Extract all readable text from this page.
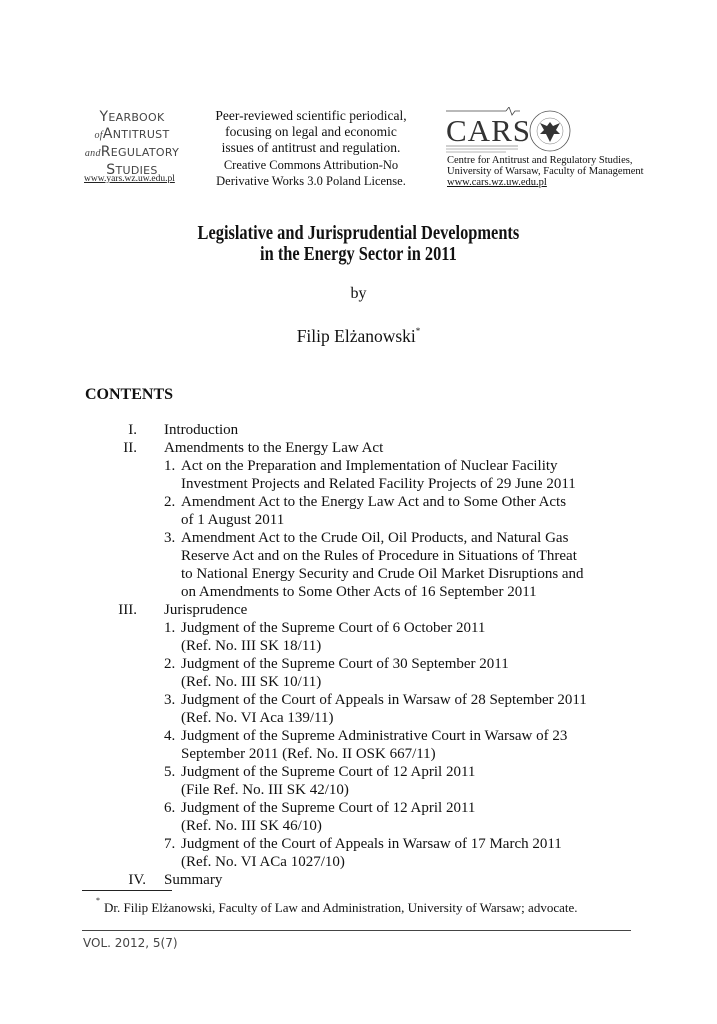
YEARBOOK
ofANTITRUST
andREGULATORY
STUDIES
Peer-reviewed scientific periodical,
focusing on legal and economic
issues of antitrust and regulation.
Creative Commons Attribution-No
Derivative Works 3.0 Poland License.
CARS
Centre for Antitrust and Regulatory Studies,
University of Warsaw, Faculty of Management
www.cars.wz.uw.edu.pl
Legislative and Jurisprudential Developments
in the Energy Sector in 2011
by
Filip Elżanowski*
CONTENTS
I. Introduction
II. Amendments to the Energy Law Act
1. Act on the Preparation and Implementation of Nuclear Facility
Investment Projects and Related Facility Projects of 29 June 2011
2. Amendment Act to the Energy Law Act and to Some Other Acts
of 1 August 2011
3. Amendment Act to the Crude Oil, Oil Products, and Natural Gas
Reserve Act and on the Rules of Procedure in Situations of Threat
to National Energy Security and Crude Oil Market Disruptions and
on Amendments to Some Other Acts of 16 September 2011
III. Jurisprudence
1. Judgment of the Supreme Court of 6 October 2011
(Ref. No. III SK 18/11)
2. Judgment of the Supreme Court of 30 September 2011
(Ref. No. III SK 10/11)
3. Judgment of the Court of Appeals in Warsaw of 28 September 2011
(Ref. No. VI Aca 139/11)
4. Judgment of the Supreme Administrative Court in Warsaw of 23
September 2011 (Ref. No. II OSK 667/11)
5. Judgment of the Supreme Court of 12 April 2011
(File Ref. No. III SK 42/10)
6. Judgment of the Supreme Court of 12 April 2011
(Ref. No. III SK 46/10)
7. Judgment of the Court of Appeals in Warsaw of 17 March 2011
(Ref. No. VI ACa 1027/10)
IV. Summary
* Dr. Filip Elżanowski, Faculty of Law and Administration, University of Warsaw; advocate.
VOL. 2012, 5(7)
www.yars.wz.uw.edu.pl
